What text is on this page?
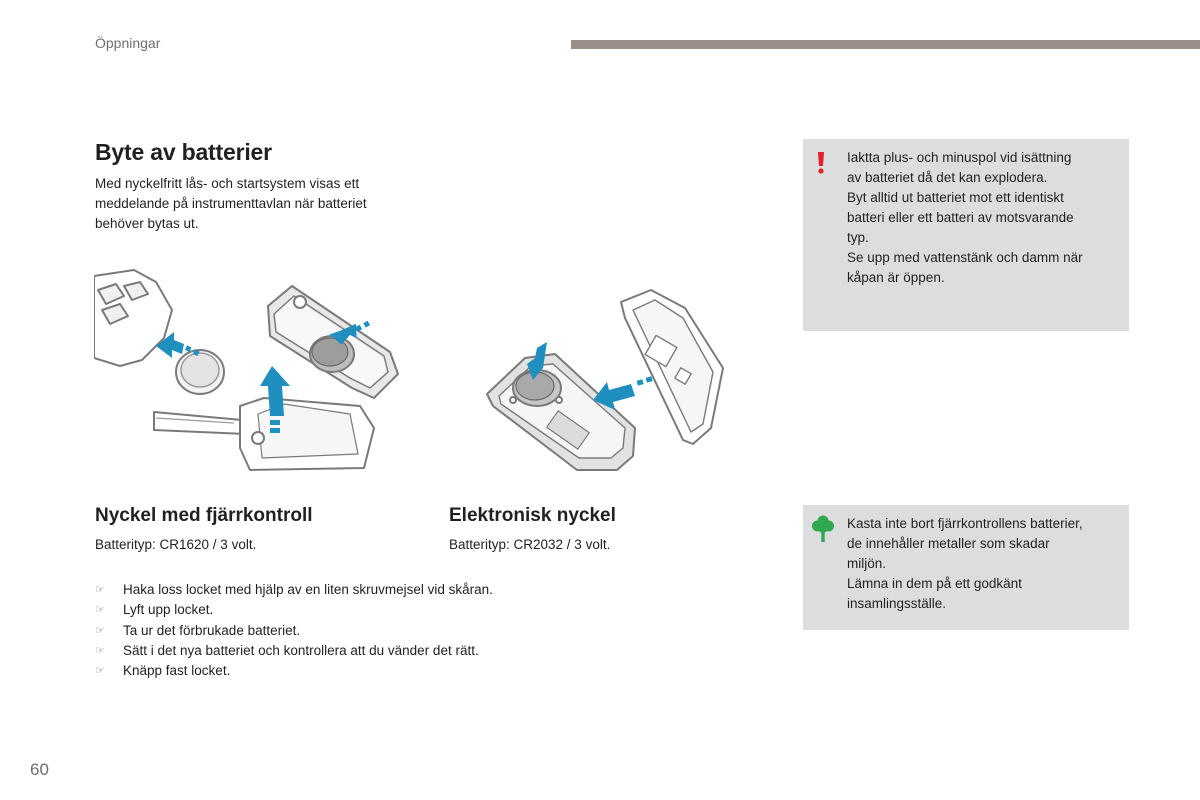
Öppningar
Byte av batterier

Med nyckelfritt lås- och startsystem visas ett
meddelande på instrumenttavlan när batteriet
behöver bytas ut.

Nyckel med fjärrkontroll

Batterityp: CR1620 / 3 volt.

Elektronisk nyckel

Batterityp: CR2032 / 3 volt.

☞	Haka loss locket med hjälp av en liten skruvmejsel vid skåran.
☞	Lyft upp locket.
☞	Ta ur det förbrukade batteriet.
☞	Sätt i det nya batteriet och kontrollera att du vänder det rätt.
☞	Knäpp fast locket.
Iaktta plus- och minuspol vid isättning
av batteriet då det kan explodera.
Byt alltid ut batteriet mot ett identiskt
batteri eller ett batteri av motsvarande
typ.
Se upp med vattenstänk och damm när
kåpan är öppen.
Kasta inte bort fjärrkontrollens batterier,
de innehåller metaller som skadar
miljön.
Lämna in dem på ett godkänt
insamlingsställe.
60
